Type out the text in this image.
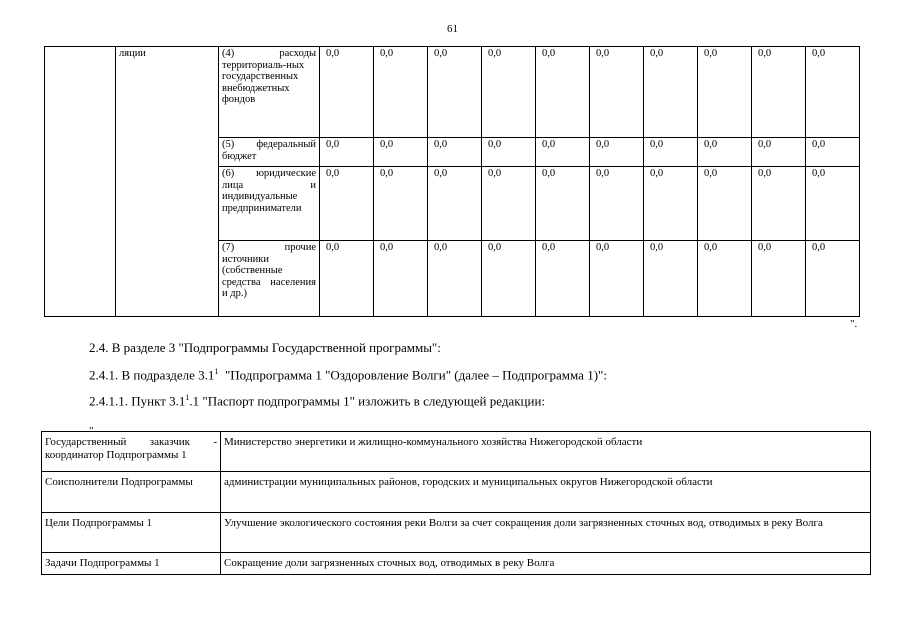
61
	ляции	(4) расходы территориаль-ных государственных внебюджетных фондов	0,0	0,0	0,0	0,0	0,0	0,0	0,0	0,0	0,0	0,0
		(5) федеральный бюджет	0,0	0,0	0,0	0,0	0,0	0,0	0,0	0,0	0,0	0,0
		(6) юридические лица и индивидуальные предприниматели	0,0	0,0	0,0	0,0	0,0	0,0	0,0	0,0	0,0	0,0
		(7) прочие источники (собственные средства населения и др.)	0,0	0,0	0,0	0,0	0,0	0,0	0,0	0,0	0,0	0,0
".
2.4. В разделе 3 "Подпрограммы Государственной программы":
2.4.1. В подразделе $3.1^1$  "Подпрограмма 1 "Оздоровление Волги" (далее – Подпрограмма 1)":
2.4.1.1. Пункт $3.1^1.1$ "Паспорт подпрограммы 1" изложить в следующей редакции:
"
Государственный заказчик - координатор Подпрограммы 1	Министерство энергетики и жилищно-коммунального хозяйства Нижегородской области
Соисполнители Подпрограммы	администрации муниципальных районов, городских и муниципальных округов Нижегородской области
Цели Подпрограммы 1	Улучшение экологического состояния реки Волги за счет сокращения доли загрязненных сточных вод, отводимых в реку Волга
Задачи Подпрограммы 1	Сокращение доли загрязненных сточных вод, отводимых в реку Волга
